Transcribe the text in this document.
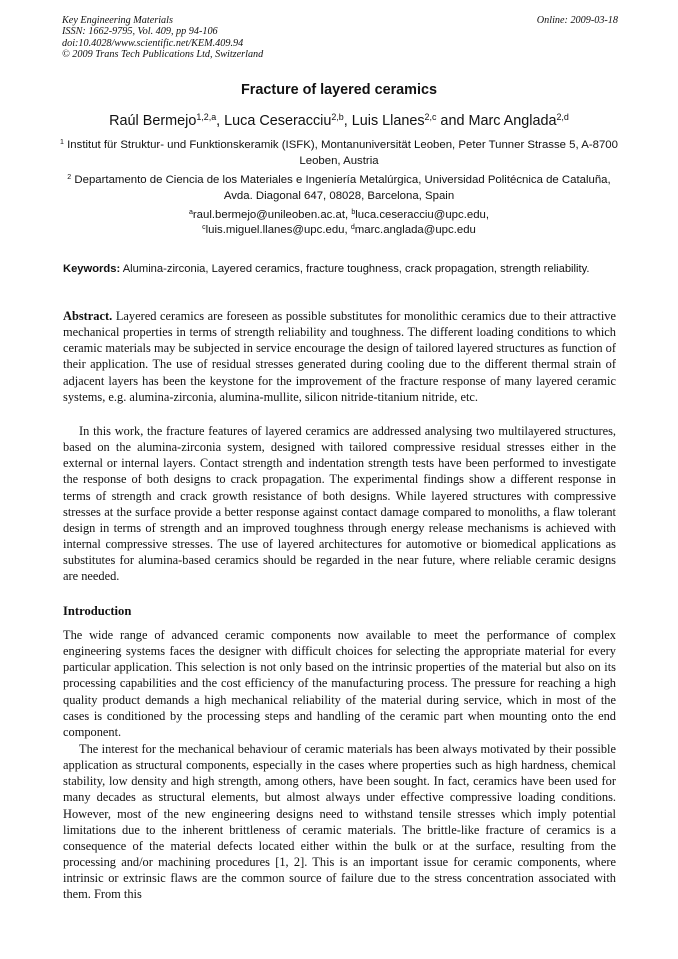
Key Engineering Materials
ISSN: 1662-9795, Vol. 409, pp 94-106
doi:10.4028/www.scientific.net/KEM.409.94
© 2009 Trans Tech Publications Ltd, Switzerland
Online: 2009-03-18
Fracture of layered ceramics
Raúl Bermejo$^{1,2,a}$, Luca Ceseracciu$^{2,b}$, Luis Llanes$^{2,c}$ and Marc Anglada$^{2,d}$
$^1$ Institut für Struktur- und Funktionskeramik (ISFK), Montanuniversität Leoben, Peter Tunner Strasse 5, A-8700 Leoben, Austria
$^2$ Departamento de Ciencia de los Materiales e Ingeniería Metalúrgica, Universidad Politécnica de Cataluña, Avda. Diagonal 647, 08028, Barcelona, Spain
$^a$raul.bermejo@unileoben.ac.at, $^b$luca.ceseracciu@upc.edu,
$^c$luis.miguel.llanes@upc.edu, $^d$marc.anglada@upc.edu
Keywords: Alumina-zirconia, Layered ceramics, fracture toughness, crack propagation, strength reliability.

Abstract. Layered ceramics are foreseen as possible substitutes for monolithic ceramics due to their attractive mechanical properties in terms of strength reliability and toughness. The different loading conditions to which ceramic materials may be subjected in service encourage the design of tailored layered structures as function of their application. The use of residual stresses generated during cooling due to the different thermal strain of adjacent layers has been the keystone for the improvement of the fracture response of many layered ceramic systems, e.g. alumina-zirconia, alumina-mullite, silicon nitride-titanium nitride, etc.

In this work, the fracture features of layered ceramics are addressed analysing two multilayered structures, based on the alumina-zirconia system, designed with tailored compressive residual stresses either in the external or internal layers. Contact strength and indentation strength tests have been performed to investigate the response of both designs to crack propagation. The experimental findings show a different response in terms of strength and crack growth resistance of both designs. While layered structures with compressive stresses at the surface provide a better response against contact damage compared to monoliths, a flaw tolerant design in terms of strength and an improved toughness through energy release mechanisms is achieved with internal compressive stresses. The use of layered architectures for automotive or biomedical applications as substitutes for alumina-based ceramics should be regarded in the near future, where reliable ceramic designs are needed.

Introduction

The wide range of advanced ceramic components now available to meet the performance of complex engineering systems faces the designer with difficult choices for selecting the appropriate material for every particular application. This selection is not only based on the intrinsic properties of the material but also on its processing capabilities and the cost efficiency of the manufacturing process. The pressure for reaching a high quality product demands a high mechanical reliability of the material during service, which in most of the cases is conditioned by the processing steps and handling of the ceramic part when mounting onto the end component.

The interest for the mechanical behaviour of ceramic materials has been always motivated by their possible application as structural components, especially in the cases where properties such as high hardness, chemical stability, low density and high strength, among others, have been sought. In fact, ceramics have been used for many decades as structural elements, but almost always under effective compressive loading conditions. However, most of the new engineering designs need to withstand tensile stresses which imply potential limitations due to the inherent brittleness of ceramic materials. The brittle-like fracture of ceramics is a consequence of the material defects located either within the bulk or at the surface, resulting from the processing and/or machining procedures [1, 2]. This is an important issue for ceramic components, where intrinsic or extrinsic flaws are the common source of failure due to the stress concentration associated with them. From this
